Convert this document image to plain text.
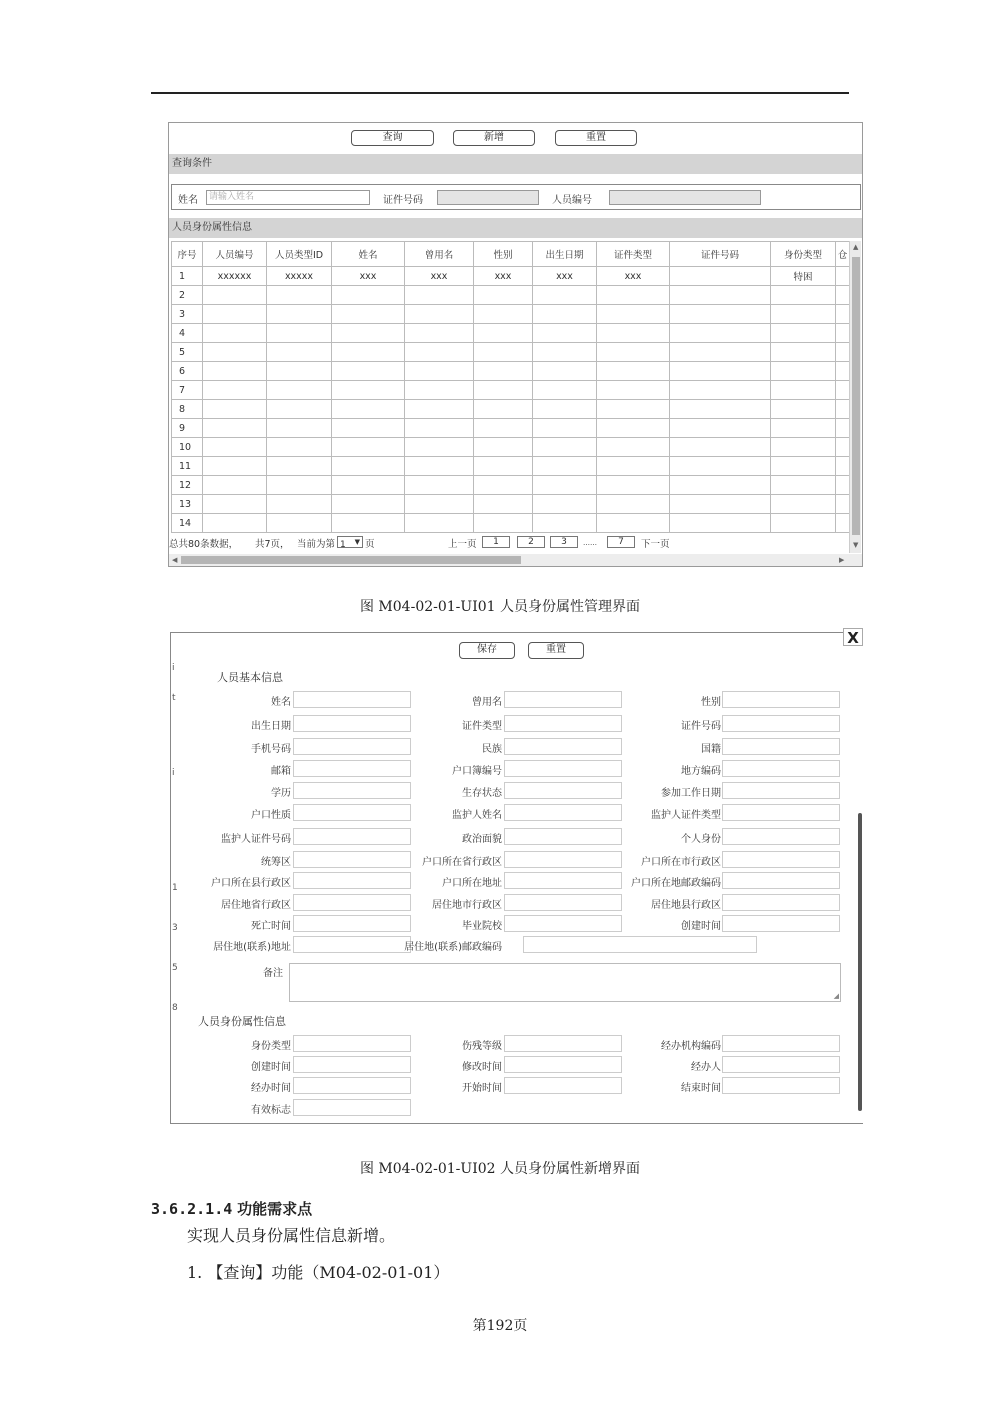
查询	新增	重置
查询条件
姓名	请输入姓名	证件号码	人员编号
人员身份属性信息
序号	人员编号	人员类型ID	姓名	曾用名	性别	出生日期	证件类型	证件号码	身份类型	仓
1	xxxxxx	xxxxx	xxx	xxx	xxx	xxx	xxx		特困	
2										
3										
4										
5										
6										
7										
8										
9										
10										
11										
12										
13										
14										
▲
▼
总共80条数据， 共7页， 当前为第 1 ▼ 页	上一页	1	2	3	……	7	下一页
◀	▶
图 M04-02-01-UI01 人员身份属性管理界面
保存	重置
人员基本信息
姓名	曾用名	性别
出生日期	证件类型	证件号码
手机号码	民族	国籍
邮箱	户口簿编号	地方编码
学历	生存状态	参加工作日期
户口性质	监护人姓名	监护人证件类型
监护人证件号码	政治面貌	个人身份
统筹区	户口所在省行政区	户口所在市行政区
户口所在县行政区	户口所在地址	户口所在地邮政编码
居住地省行政区	居住地市行政区	居住地县行政区
死亡时间	毕业院校	创建时间
居住地(联系)地址	居住地(联系)邮政编码
备注
◢
人员身份属性信息
身份类型	伤残等级	经办机构编码
创建时间	修改时间	经办人
经办时间	开始时间	结束时间
有效标志
i
t
i
1
3
5
8
X
图 M04-02-01-UI02 人员身份属性新增界面
3.6.2.1.4 功能需求点
实现人员身份属性信息新增。
1. 【查询】功能（M04-02-01-01）
第192页
